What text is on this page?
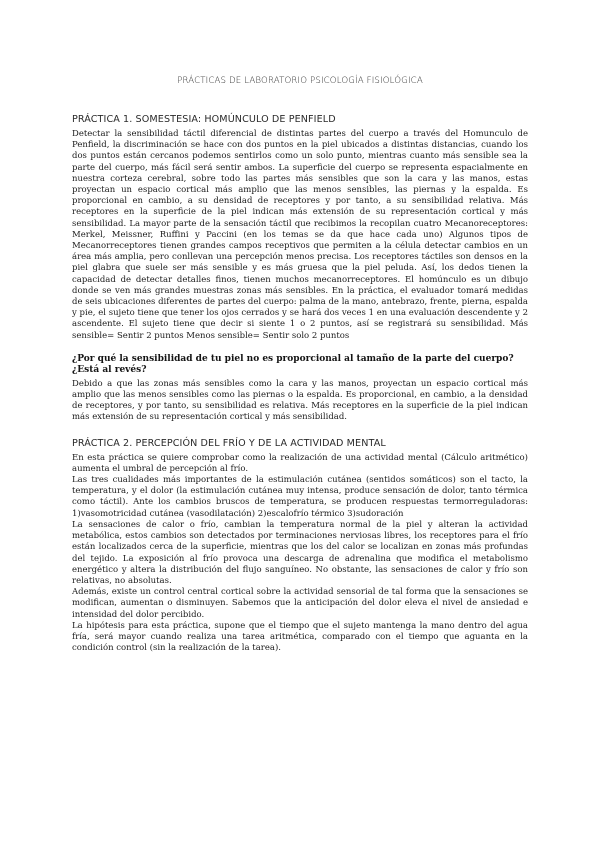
PRÁCTICAS DE LABORATORIO PSICOLOGÍA FISIOLÓGICA
PRÁCTICA 1. SOMESTESIA: HOMÚNCULO DE PENFIELD

Detectar la sensibilidad táctil diferencial de distintas partes del cuerpo a través del Homunculo de Penfield, la discriminación se hace con dos puntos en la piel ubicados a distintas distancias, cuando los dos puntos están cercanos podemos sentirlos como un solo punto, mientras cuanto más sensible sea la parte del cuerpo, más fácil será sentir ambos. La superficie del cuerpo se representa espacialmente en nuestra corteza cerebral, sobre todo las partes más sensibles que son la cara y las manos, estas proyectan un espacio cortical más amplio que las menos sensibles, las piernas y la espalda. Es proporcional en cambio, a su densidad de receptores y por tanto, a su sensibilidad relativa. Más receptores en la superficie de la piel indican más extensión de su representación cortical y más sensibilidad. La mayor parte de la sensación táctil que recibimos la recopilan cuatro Mecanoreceptores: Merkel, Meissner, Ruffini y Paccini (en los temas se da que hace cada uno) Algunos tipos de Mecanorreceptores tienen grandes campos receptivos que permiten a la célula detectar cambios en un área más amplia, pero conllevan una percepción menos precisa. Los receptores táctiles son densos en la piel glabra que suele ser más sensible y es más gruesa que la piel peluda. Así, los dedos tienen la capacidad de detectar detalles finos, tienen muchos mecanorreceptores. El homúnculo es un dibujo donde se ven más grandes muestras zonas más sensibles. En la práctica, el evaluador tomará medidas de seis ubicaciones diferentes de partes del cuerpo: palma de la mano, antebrazo, frente, pierna, espalda y pie, el sujeto tiene que tener los ojos cerrados y se hará dos veces 1 en una evaluación descendente y 2 ascendente. El sujeto tiene que decir si siente 1 o 2 puntos, así se registrará su sensibilidad. Más sensible= Sentir 2 puntos Menos sensible= Sentir solo 2 puntos

¿Por qué la sensibilidad de tu piel no es proporcional al tamaño de la parte del cuerpo? ¿Está al revés?

Debido a que las zonas más sensibles como la cara y las manos, proyectan un espacio cortical más amplio que las menos sensibles como las piernas o la espalda. Es proporcional, en cambio, a la densidad de receptores, y por tanto, su sensibilidad es relativa. Más receptores en la superficie de la piel indican más extensión de su representación cortical y más sensibilidad.

PRÁCTICA 2. PERCEPCIÓN DEL FRÍO Y DE LA ACTIVIDAD MENTAL

En esta práctica se quiere comprobar como la realización de una actividad mental (Cálculo aritmético) aumenta el umbral de percepción al frío.

Las tres cualidades más importantes de la estimulación cutánea (sentidos somáticos) son el tacto, la temperatura, y el dolor (la estimulación cutánea muy intensa, produce sensación de dolor, tanto térmica como táctil). Ante los cambios bruscos de temperatura, se producen respuestas termorreguladoras: 1)vasomotricidad cutánea (vasodilatación) 2)escalofrío térmico 3)sudoración

La sensaciones de calor o frío, cambian la temperatura normal de la piel y alteran la actividad metabólica, estos cambios son detectados por terminaciones nerviosas libres, los receptores para el frío están localizados cerca de la superficie, mientras que los del calor se localizan en zonas más profundas del tejido. La exposición al frío provoca una descarga de adrenalina que modifica el metabolismo energético y altera la distribución del flujo sanguíneo. No obstante, las sensaciones de calor y frío son relativas, no absolutas.

Además, existe un control central cortical sobre la actividad sensorial de tal forma que la sensaciones se modifican, aumentan o disminuyen. Sabemos que la anticipación del dolor eleva el nivel de ansiedad e intensidad del dolor percibido.

La hipótesis para esta práctica, supone que el tiempo que el sujeto mantenga la mano dentro del agua fría, será mayor cuando realiza una tarea aritmética, comparado con el tiempo que aguanta en la condición control (sin la realización de la tarea).
